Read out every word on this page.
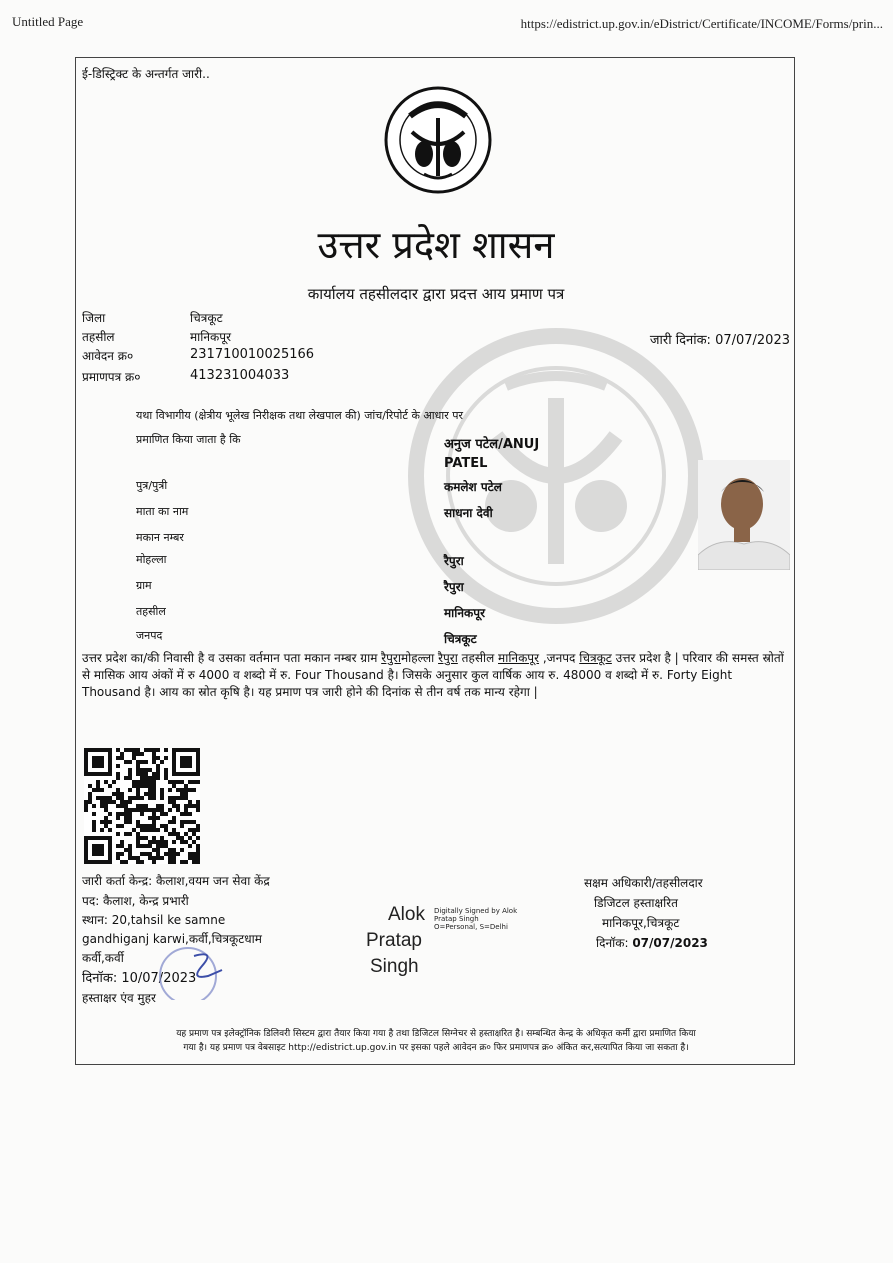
Untitled Page	https://edistrict.up.gov.in/eDistrict/Certificate/INCOME/Forms/prin...
ई-डिस्ट्रिक्ट के अन्तर्गत जारी..
उत्तर प्रदेश शासन
कार्यालय तहसीलदार द्वारा प्रदत्त आय प्रमाण पत्र
जिला	चित्रकूट
तहसील	मानिकपूर
आवेदन क्र०	231710010025166
प्रमाणपत्र क्र०	413231004033
जारी दिनांक: 07/07/2023
यथा विभागीय (क्षेत्रीय भूलेख निरीक्षक तथा लेखपाल की) जांच/रिपोर्ट के आधार पर
प्रमाणित किया जाता है कि	अनुज पटेल/ANUJ
PATEL
पुत्र/पुत्री	कमलेश पटेल
माता का नाम	साधना देवी
मकान नम्बर
मोहल्ला	रैपुरा
ग्राम	रैपुरा
तहसील	मानिकपूर
जनपद	चित्रकूट
उत्तर प्रदेश का/की निवासी है व उसका वर्तमान पता मकान नम्बर ग्राम रैपुरामोहल्ला रैपुरा तहसील मानिकपूर ,जनपद चित्रकूट उत्तर प्रदेश है | परिवार की समस्त स्रोतों से मासिक आय अंकों में रु 4000 व शब्दो में रु. Four Thousand है। जिसके अनुसार कुल वार्षिक आय रु. 48000 व शब्दो में रु. Forty Eight Thousand है। आय का स्रोत कृषि है। यह प्रमाण पत्र जारी होने की दिनांक से तीन वर्ष तक मान्य रहेगा |
जारी कर्ता केन्द्र: कैलाश,वयम जन सेवा केंद्र
पद: कैलाश, केन्द्र प्रभारी
स्थान: 20,tahsil ke samne
gandhiganj karwi,कर्वी,चित्रकूटधाम
कर्वी,कर्वी
दिनॉक: 10/07/2023
हस्ताक्षर एंव मुहर
Alok
Pratap
Singh
Digitally Signed by Alok
Pratap Singh
O=Personal, S=Delhi
सक्षम अधिकारी/तहसीलदार
डिजिटल हस्ताक्षरित
मानिकपूर,चित्रकूट
दिनॉक: 07/07/2023
यह प्रमाण पत्र इलेक्ट्रॉनिक डिलिवरी सिस्टम द्वारा तैयार किया गया है तथा डिजिटल सिग्नेचर से हस्ताक्षरित है। सम्बन्धित केन्द्र के अधिकृत कर्मी द्वारा प्रमाणित किया
गया है। यह प्रमाण पत्र वेबसाइट http://edistrict.up.gov.in पर इसका पहले आवेदन क्र० फिर प्रमाणपत्र क्र० अंकित कर,सत्यापित किया जा सकता है।
